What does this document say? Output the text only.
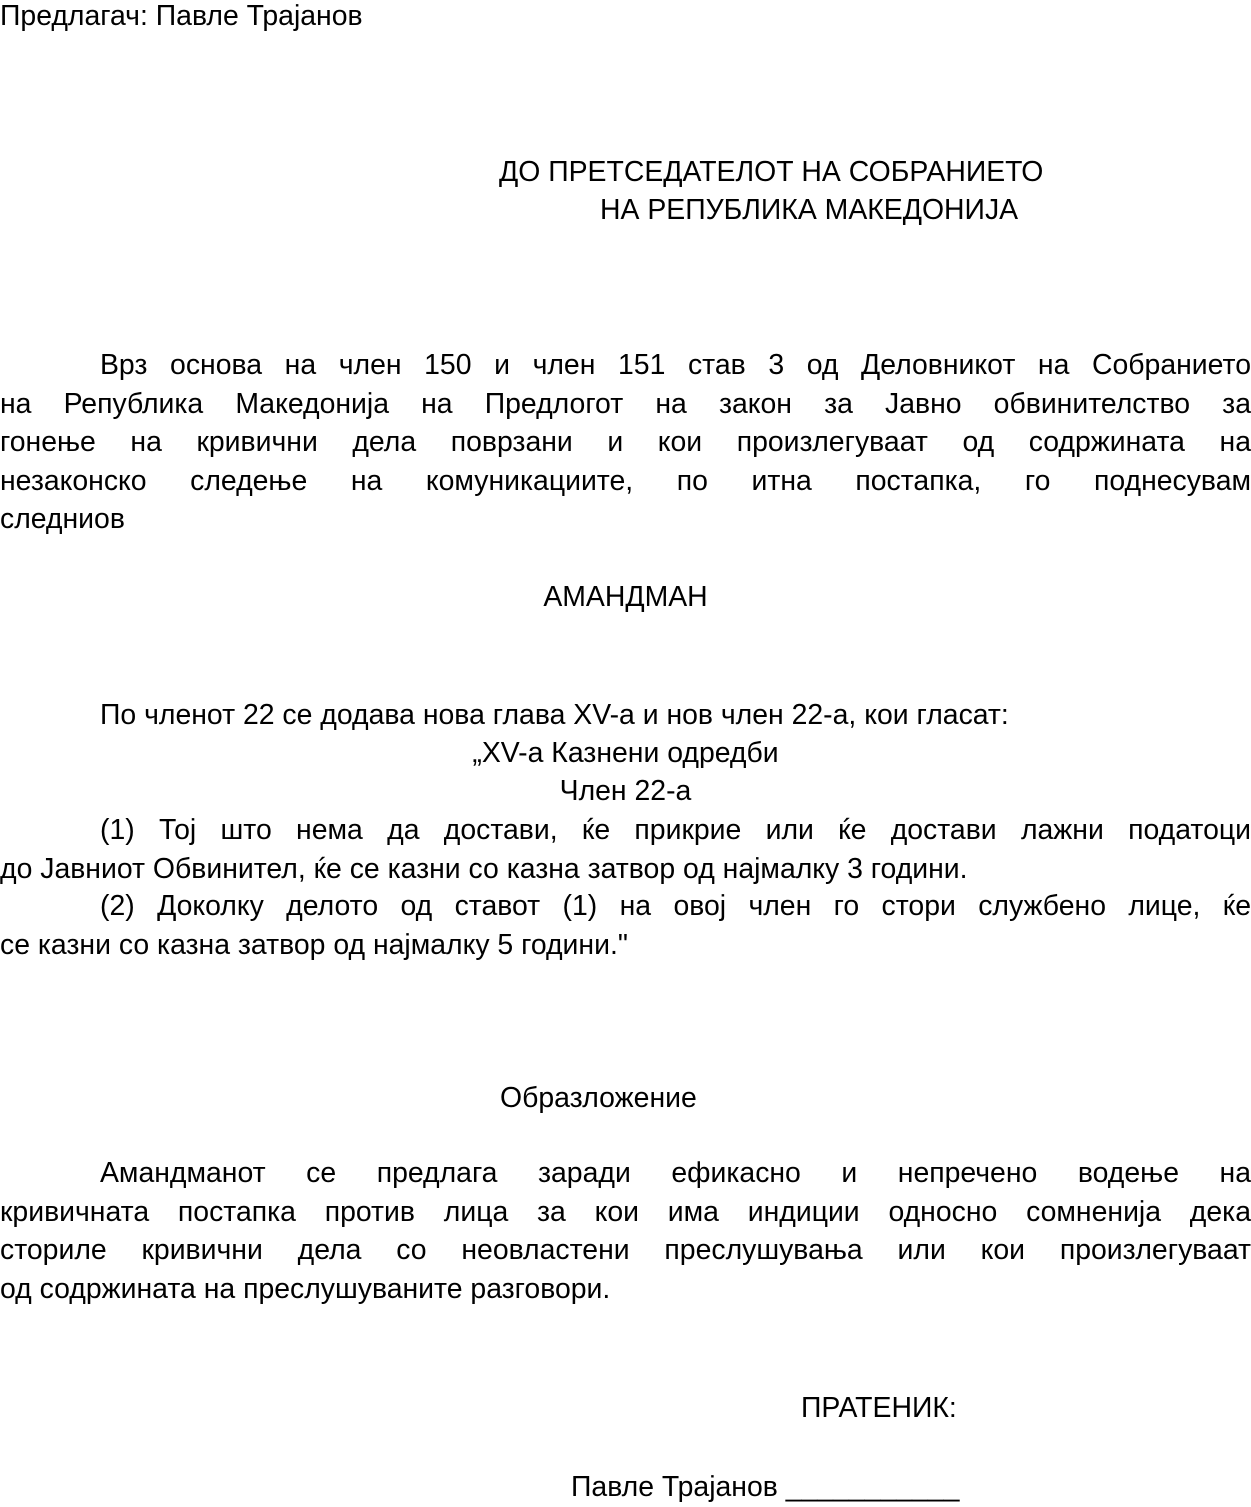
Предлагач: Павле Трајанов
ДО ПРЕТСЕДАТЕЛОТ НА СОБРАНИЕТО
НА РЕПУБЛИКА МАКЕДОНИЈА
Врз основа на член 150 и член 151 став 3 од Деловникот на Собранието
на Република Македонија на Предлогот на закон за Јавно обвинителство за
гонење на кривични дела поврзани и кои произлегуваат од содржината на
незаконско следење на комуникациите, по итна постапка, го поднесувам
следниов
АМАНДМАН
По членот 22 се додава нова глава XV-а и нов член 22-а, кои гласат:
„XV-а Казнени одредби
Член 22-а
(1) Тој што нема да достави, ќе прикрие или ќе достави лажни податоци
до Јавниот Обвинител, ќе се казни со казна затвор од најмалку 3 години.
(2) Доколку делото од ставот (1) на овој член го стори службено лице, ќе
се казни со казна затвор од најмалку 5 години."
Образложение
Амандманот се предлага заради ефикасно и непречено водење на
кривичната постапка против лица за кои има индиции односно сомненија дека
сториле кривични дела со неовластени преслушувања или кои произлегуваат
од содржината на преслушуваните разговори.
ПРАТЕНИК:
Павле Трајанов ___________
